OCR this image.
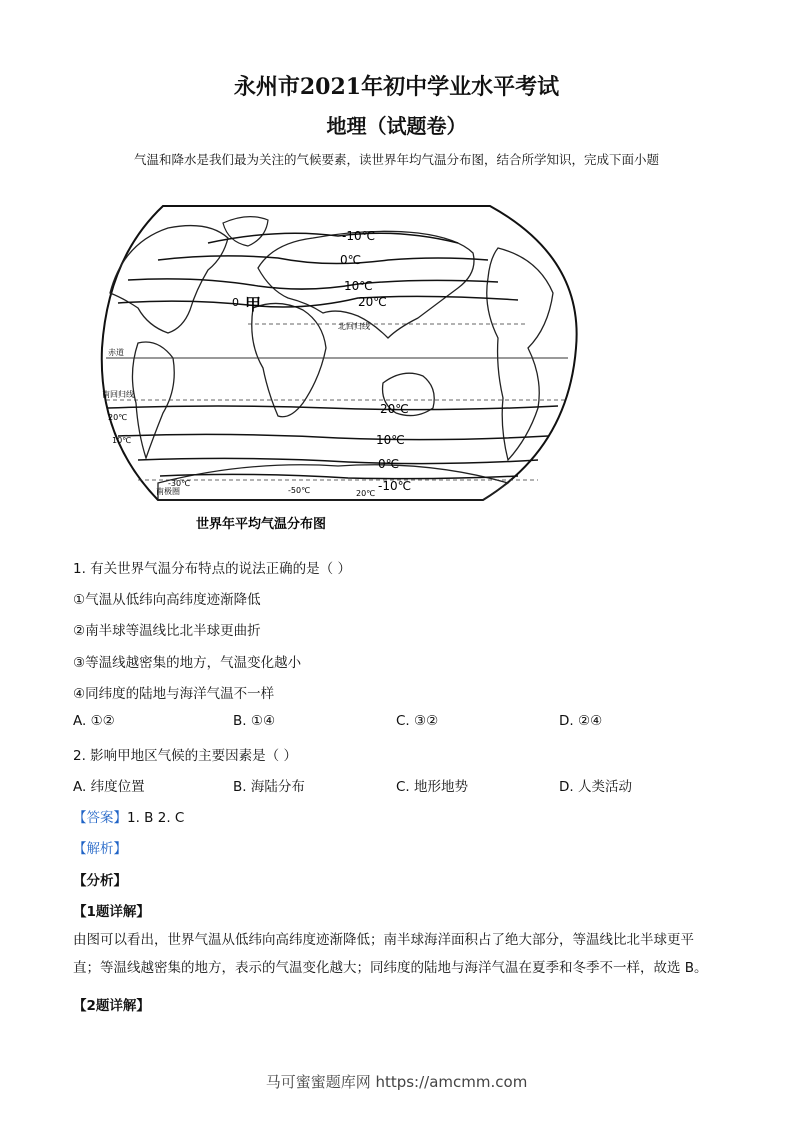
永州市2021年初中学业水平考试
地理（试题卷）
气温和降水是我们最为关注的气候要素，读世界年均气温分布图，结合所学知识，完成下面小题
-10℃
0℃
10℃
20℃
0 甲
北回归线
赤道
20℃
南回归线
20℃
10℃	10℃
0℃
南极圈
-30℃
-50℃	20℃
-10℃
世界年平均气温分布图
1. 有关世界气温分布特点的说法正确的是（ ）
①气温从低纬向高纬度迹渐降低
②南半球等温线比北半球更曲折
③等温线越密集的地方，气温变化越小
④同纬度的陆地与海洋气温不一样
A. ①②	B. ①④	C. ③②	D. ②④
2. 影响甲地区气候的主要因素是（ ）
A. 纬度位置	B. 海陆分布	C. 地形地势	D. 人类活动
【答案】1. B 2. C
【解析】
【分析】
【1题详解】
由图可以看出，世界气温从低纬向高纬度迹渐降低；南半球海洋面积占了绝大部分，等温线比北半球更平
直；等温线越密集的地方，表示的气温变化越大；同纬度的陆地与海洋气温在夏季和冬季不一样，故选 B。
【2题详解】
马可蜜蜜题库网 https://amcmm.com
